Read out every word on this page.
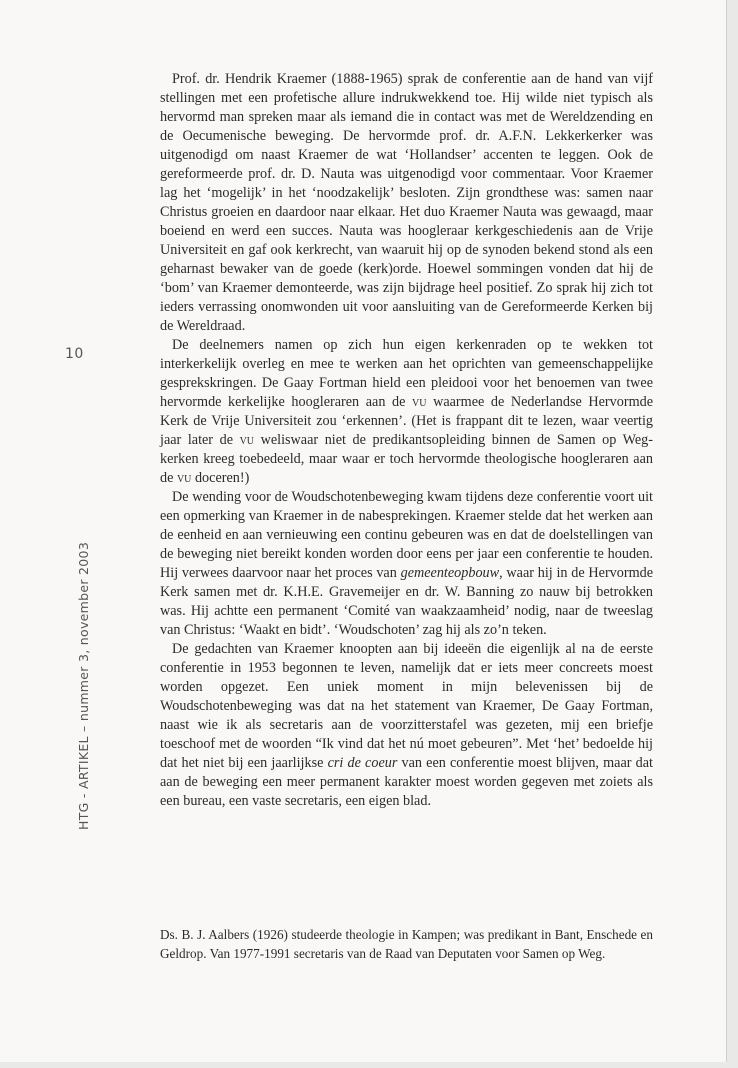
10
HTG - ARTIKEL – nummer 3, november 2003

Prof. dr. Hendrik Kraemer (1888-1965) sprak de conferentie aan de hand van vijf stellingen met een profetische allure indrukwekkend toe. Hij wilde niet typisch als hervormd man spreken maar als iemand die in contact was met de Wereldzending en de Oecumenische beweging. De hervormde prof. dr. A.F.N. Lekkerkerker was uitgenodigd om naast Kraemer de wat ‘Hollandser’ accenten te leggen. Ook de gereformeerde prof. dr. D. Nauta was uitgenodigd voor commentaar. Voor Kraemer lag het ‘mogelijk’ in het ‘noodzakelijk’ besloten. Zijn grondthese was: samen naar Christus groeien en daardoor naar elkaar. Het duo Kraemer Nauta was gewaagd, maar boeiend en werd een succes. Nauta was hoogleraar kerkgeschiedenis aan de Vrije Universiteit en gaf ook kerkrecht, van waaruit hij op de synoden bekend stond als een geharnast bewaker van de goede (kerk)orde. Hoewel sommingen vonden dat hij de ‘bom’ van Kraemer demonteerde, was zijn bijdrage heel positief. Zo sprak hij zich tot ieders verrassing onomwonden uit voor aansluiting van de Gereformeerde Kerken bij de Wereldraad.

De deelnemers namen op zich hun eigen kerkenraden op te wekken tot interkerkelijk overleg en mee te werken aan het oprichten van gemeenschappelijke gesprekskringen. De Gaay Fortman hield een pleidooi voor het benoemen van twee hervormde kerkelijke hoogleraren aan de vu waarmee de Nederlandse Hervormde Kerk de Vrije Universiteit zou ‘erkennen’. (Het is frappant dit te lezen, waar veertig jaar later de vu weliswaar niet de predikantsopleiding binnen de Samen op Weg-kerken kreeg toebedeeld, maar waar er toch hervormde theologische hoogleraren aan de vu doceren!)

De wending voor de Woudschotenbeweging kwam tijdens deze conferentie voort uit een opmerking van Kraemer in de nabesprekingen. Kraemer stelde dat het werken aan de eenheid en aan vernieuwing een continu gebeuren was en dat de doelstellingen van de beweging niet bereikt konden worden door eens per jaar een conferentie te houden. Hij verwees daarvoor naar het proces van gemeenteopbouw, waar hij in de Hervormde Kerk samen met dr. K.H.E. Gravemeijer en dr. W. Banning zo nauw bij betrokken was. Hij achtte een permanent ‘Comité van waakzaamheid’ nodig, naar de tweeslag van Christus: ‘Waakt en bidt’. ‘Woudschoten’ zag hij als zo’n teken.

De gedachten van Kraemer knoopten aan bij ideeën die eigenlijk al na de eerste conferentie in 1953 begonnen te leven, namelijk dat er iets meer concreets moest worden opgezet. Een uniek moment in mijn belevenissen bij de Woudschotenbeweging was dat na het statement van Kraemer, De Gaay Fortman, naast wie ik als secretaris aan de voorzitterstafel was gezeten, mij een briefje toeschoof met de woorden “Ik vind dat het nú moet gebeuren”. Met ‘het’ bedoelde hij dat het niet bij een jaarlijkse cri de coeur van een conferentie moest blijven, maar dat aan de beweging een meer permanent karakter moest worden gegeven met zoiets als een bureau, een vaste secretaris, een eigen blad.

Ds. B. J. Aalbers (1926) studeerde theologie in Kampen; was predikant in Bant, Enschede en Geldrop. Van 1977-1991 secretaris van de Raad van Deputaten voor Samen op Weg.
